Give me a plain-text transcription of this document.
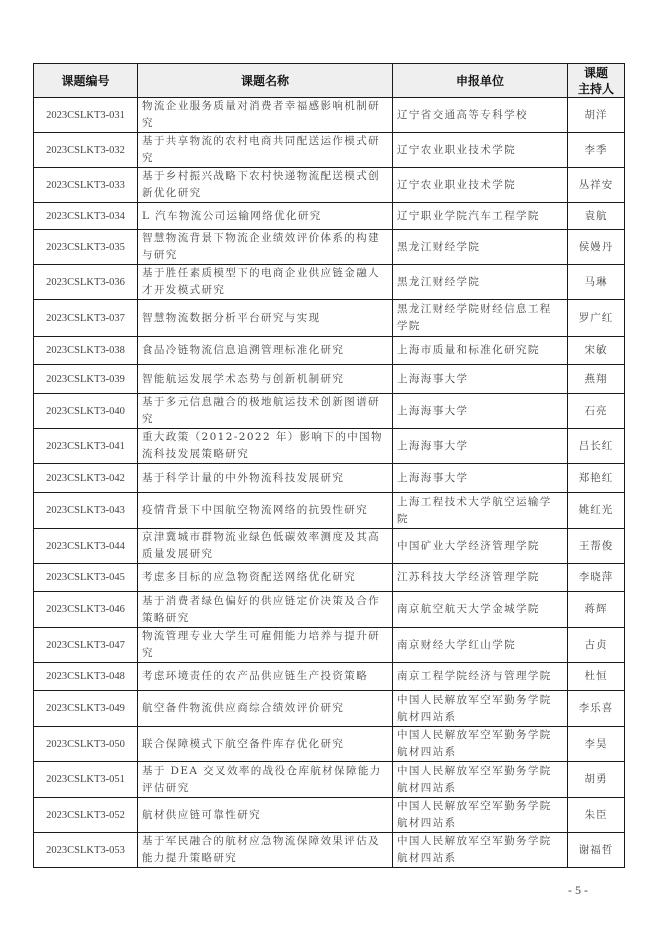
课题编号	课题名称	申报单位	课题
主持人
2023CSLKT3-031	物流企业服务质量对消费者幸福感影响机制研究	辽宁省交通高等专科学校	胡洋
2023CSLKT3-032	基于共享物流的农村电商共同配送运作模式研究	辽宁农业职业技术学院	李季
2023CSLKT3-033	基于乡村振兴战略下农村快递物流配送模式创新优化研究	辽宁农业职业技术学院	丛祥安
2023CSLKT3-034	L 汽车物流公司运输网络优化研究	辽宁职业学院汽车工程学院	袁航
2023CSLKT3-035	智慧物流背景下物流企业绩效评价体系的构建与研究	黑龙江财经学院	侯嫚丹
2023CSLKT3-036	基于胜任素质模型下的电商企业供应链金融人才开发模式研究	黑龙江财经学院	马琳
2023CSLKT3-037	智慧物流数据分析平台研究与实现	黑龙江财经学院财经信息工程学院	罗广红
2023CSLKT3-038	食品冷链物流信息追溯管理标准化研究	上海市质量和标准化研究院	宋敏
2023CSLKT3-039	智能航运发展学术态势与创新机制研究	上海海事大学	燕翔
2023CSLKT3-040	基于多元信息融合的极地航运技术创新图谱研究	上海海事大学	石亮
2023CSLKT3-041	重大政策（2012-2022 年）影响下的中国物流科技发展策略研究	上海海事大学	吕长红
2023CSLKT3-042	基于科学计量的中外物流科技发展研究	上海海事大学	郑艳红
2023CSLKT3-043	疫情背景下中国航空物流网络的抗毁性研究	上海工程技术大学航空运输学院	姚红光
2023CSLKT3-044	京津冀城市群物流业绿色低碳效率测度及其高质量发展研究	中国矿业大学经济管理学院	王帮俊
2023CSLKT3-045	考虑多目标的应急物资配送网络优化研究	江苏科技大学经济管理学院	李晓萍
2023CSLKT3-046	基于消费者绿色偏好的供应链定价决策及合作策略研究	南京航空航天大学金城学院	蒋辉
2023CSLKT3-047	物流管理专业大学生可雇佣能力培养与提升研究	南京财经大学红山学院	古贞
2023CSLKT3-048	考虑环境责任的农产品供应链生产投资策略	南京工程学院经济与管理学院	杜恒
2023CSLKT3-049	航空备件物流供应商综合绩效评价研究	中国人民解放军空军勤务学院航材四站系	李乐喜
2023CSLKT3-050	联合保障模式下航空备件库存优化研究	中国人民解放军空军勤务学院航材四站系	李昊
2023CSLKT3-051	基于 DEA 交叉效率的战役仓库航材保障能力评估研究	中国人民解放军空军勤务学院航材四站系	胡勇
2023CSLKT3-052	航材供应链可靠性研究	中国人民解放军空军勤务学院航材四站系	朱臣
2023CSLKT3-053	基于军民融合的航材应急物流保障效果评估及能力提升策略研究	中国人民解放军空军勤务学院航材四站系	谢福哲
- 5 -
